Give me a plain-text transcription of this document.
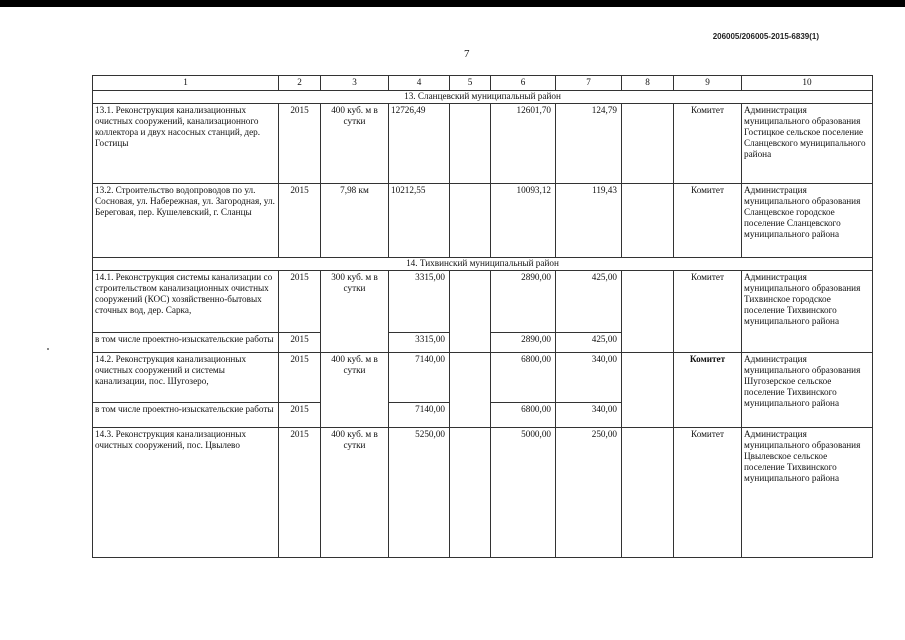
206005/206005-2015-6839(1)
7
1	2	3	4	5	6	7	8	9	10
13. Сланцевский муниципальный район									
13.1. Реконструкция канализационных очистных сооружений, канализационного коллектора и двух насосных станций, дер. Гостицы	2015	400 куб. м в сутки	12726,49		12601,70	124,79		Комитет	Администрация муниципального образования Гостицкое сельское поселение Сланцевского муниципального района
13.2. Строительство водопроводов по ул. Сосновая, ул. Набережная, ул. Загородная, ул. Береговая, пер. Кушелевский, г. Сланцы	2015	7,98 км	10212,55		10093,12	119,43		Комитет	Администрация муниципального образования Сланцевское городское поселение Сланцевского муниципального района
14. Тихвинский муниципальный район									
14.1. Реконструкция системы канализации со строительством канализационных очистных сооружений (КОС) хозяйственно-бытовых сточных вод, дер. Сарка,	2015	300 куб. м в сутки	3315,00		2890,00	425,00		Комитет	Администрация муниципального образования Тихвинское городское поселение Тихвинского муниципального района
в том числе проектно-изыскательские работы	2015		3315,00		2890,00	425,00			
14.2. Реконструкция канализационных очистных сооружений и системы канализации, пос. Шугозеро,	2015	400 куб. м в сутки	7140,00		6800,00	340,00		Комитет	Администрация муниципального образования Шугозерское сельское поселение Тихвинского муниципального района
в том числе проектно-изыскательские работы	2015		7140,00		6800,00	340,00			
14.3. Реконструкция канализационных очистных сооружений, пос. Цвылево	2015	400 куб. м в сутки	5250,00		5000,00	250,00		Комитет	Администрация муниципального образования Цвылевское сельское поселение Тихвинского муниципального района
